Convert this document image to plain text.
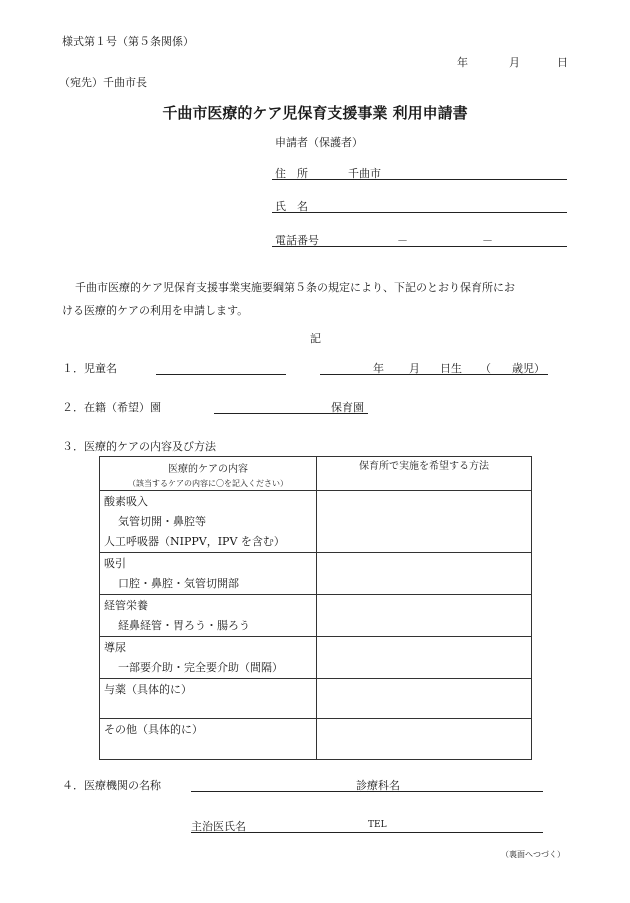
様式第１号（第５条関係）
年	月	日
（宛先）千曲市長
千曲市医療的ケア児保育支援事業 利用申請書
申請者（保護者）
住　所	千曲市
氏　名
電話番号	－	－
千曲市医療的ケア児保育支援事業実施要綱第５条の規定により、下記のとおり保育所にお
ける医療的ケアの利用を申請します。
記
１．児童名	年 月 日生 （ 歳児）
２．在籍（希望）園	保育園
３．医療的ケアの内容及び方法
医療的ケアの内容
（該当するケアの内容に〇を記入ください）	保育所で実施を希望する方法

酸素吸入
気管切開・鼻腔等
人工呼吸器（NIPPV，IPV を含む）	

吸引
口腔・鼻腔・気管切開部	

経管栄養
経鼻経管・胃ろう・腸ろう	

導尿
一部要介助・完全要介助（間隔）	

与薬（具体的に）	

その他（具体的に）	

４．医療機関の名称	診療科名
主治医氏名	TEL
（裏面へつづく）
